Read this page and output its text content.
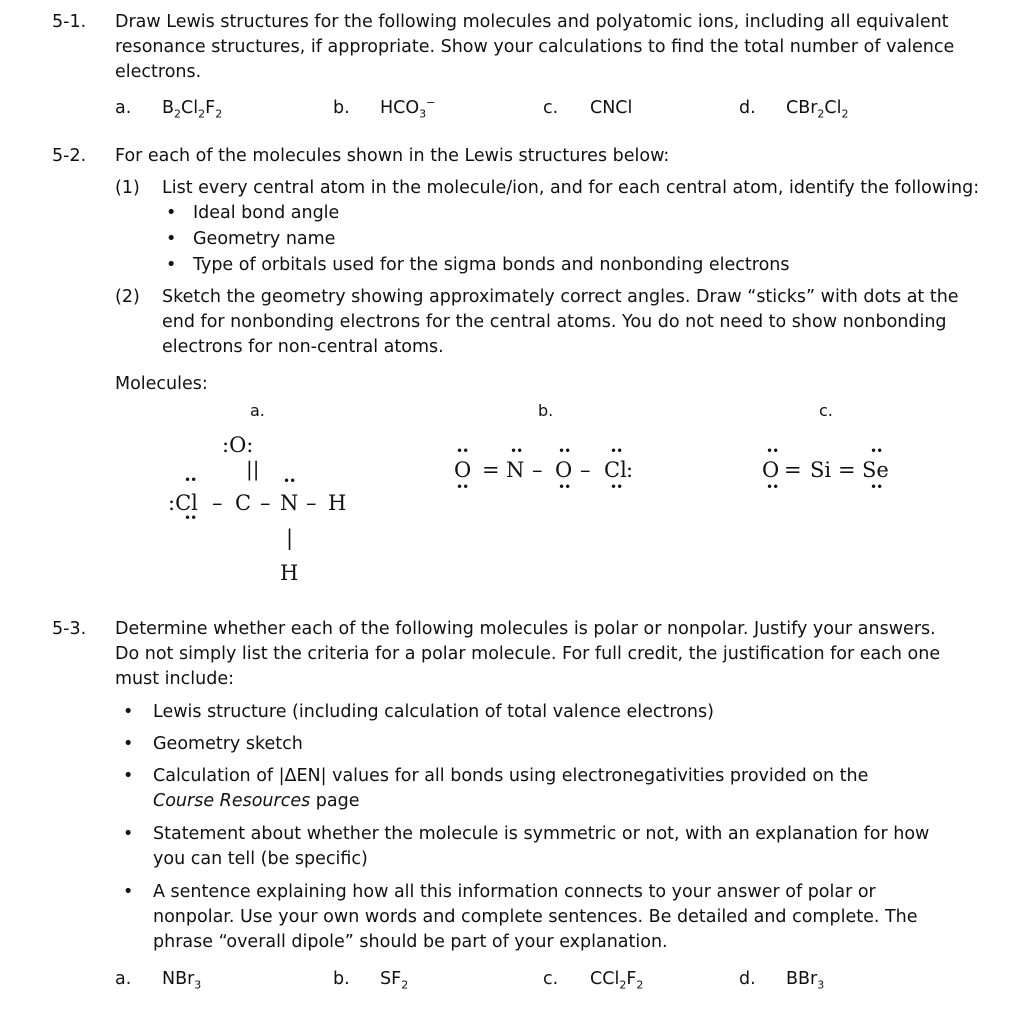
5-1. Draw Lewis structures for the following molecules and polyatomic ions, including all equivalent resonance structures, if appropriate. Show your calculations to find the total number of valence electrons.
a. $B_2Cl_2F_2$	b. $HCO_3^-$	c. CNCl	d. $CBr_2Cl_2$
5-2. For each of the molecules shown in the Lewis structures below:
(1) List every central atom in the molecule/ion, and for each central atom, identify the following:
• Ideal bond angle
• Geometry name
• Type of orbitals used for the sigma bonds and nonbonding electrons
(2) Sketch the geometry showing approximately correct angles. Draw “sticks” with dots at the end for nonbonding electrons for the central atoms. You do not need to show nonbonding electrons for non-central atoms.
Molecules:
a.	b.	c.
:O:
||
••
:Cl
••
– C –
••
N – H
|
H
••
O
••
=
••
N –
••
O
••
–
••
Cl
••
:
••
O
••
= Si =
••
Se
••
5-3. Determine whether each of the following molecules is polar or nonpolar. Justify your answers. Do not simply list the criteria for a polar molecule. For full credit, the justification for each one must include:
• Lewis structure (including calculation of total valence electrons)
• Geometry sketch
• Calculation of |ΔEN| values for all bonds using electronegativities provided on the Course Resources page
• Statement about whether the molecule is symmetric or not, with an explanation for how you can tell (be specific)
• A sentence explaining how all this information connects to your answer of polar or nonpolar. Use your own words and complete sentences. Be detailed and complete. The phrase “overall dipole” should be part of your explanation.
a. NBr$_3$	b. $SF_2$	c. $CCl_2F_2$	d. BBr$_3$
